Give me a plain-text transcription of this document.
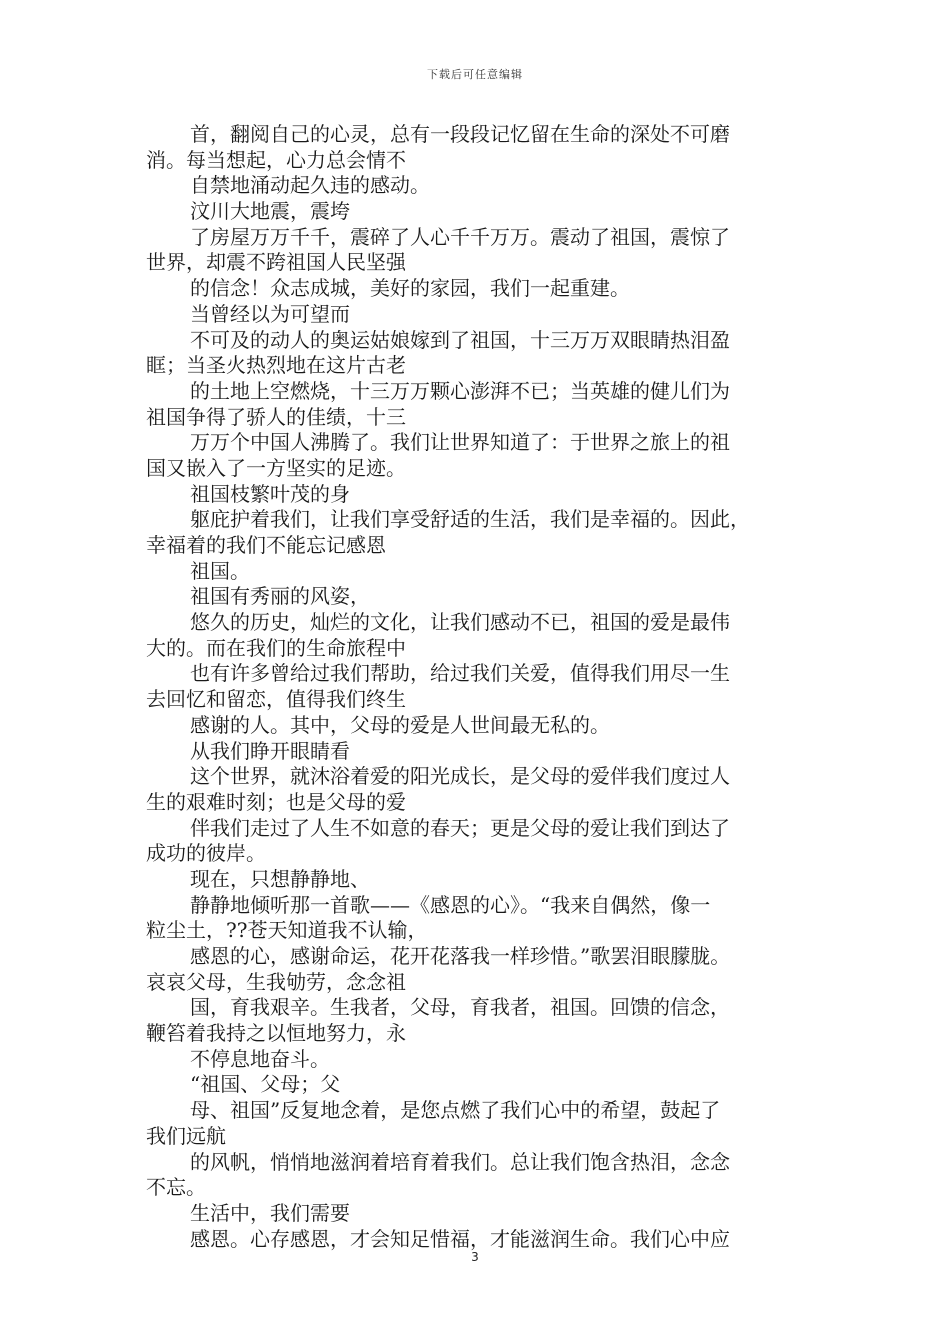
下载后可任意编辑
首，翻阅自己的心灵，总有一段段记忆留在生命的深处不可磨
消。每当想起，心力总会情不
自禁地涌动起久违的感动。
汶川大地震，震垮
了房屋万万千千，震碎了人心千千万万。震动了祖国，震惊了
世界，却震不跨祖国人民坚强
的信念！众志成城，美好的家园，我们一起重建。
当曾经以为可望而
不可及的动人的奥运姑娘嫁到了祖国，十三万万双眼睛热泪盈
眶；当圣火热烈地在这片古老
的土地上空燃烧，十三万万颗心澎湃不已；当英雄的健儿们为
祖国争得了骄人的佳绩，十三
万万个中国人沸腾了。我们让世界知道了：于世界之旅上的祖
国又嵌入了一方坚实的足迹。
祖国枝繁叶茂的身
躯庇护着我们，让我们享受舒适的生活，我们是幸福的。因此，
幸福着的我们不能忘记感恩
祖国。
祖国有秀丽的风姿，
悠久的历史，灿烂的文化，让我们感动不已，祖国的爱是最伟
大的。而在我们的生命旅程中
也有许多曾给过我们帮助，给过我们关爱，值得我们用尽一生
去回忆和留恋，值得我们终生
感谢的人。其中，父母的爱是人世间最无私的。
从我们睁开眼睛看
这个世界，就沐浴着爱的阳光成长，是父母的爱伴我们度过人
生的艰难时刻；也是父母的爱
伴我们走过了人生不如意的春天；更是父母的爱让我们到达了
成功的彼岸。
现在，只想静静地、
静静地倾听那一首歌——《感恩的心》。“我来自偶然，像一
粒尘土，??苍天知道我不认输，
感恩的心，感谢命运，花开花落我一样珍惜。”歌罢泪眼朦胧。
哀哀父母，生我劬劳，念念祖
国，育我艰辛。生我者，父母，育我者，祖国。回馈的信念，
鞭笞着我持之以恒地努力，永
不停息地奋斗。
“祖国、父母；父
母、祖国”反复地念着，是您点燃了我们心中的希望，鼓起了
我们远航
的风帆，悄悄地滋润着培育着我们。总让我们饱含热泪，念念
不忘。
生活中，我们需要
感恩。心存感恩，才会知足惜福，才能滋润生命。我们心中应
3
